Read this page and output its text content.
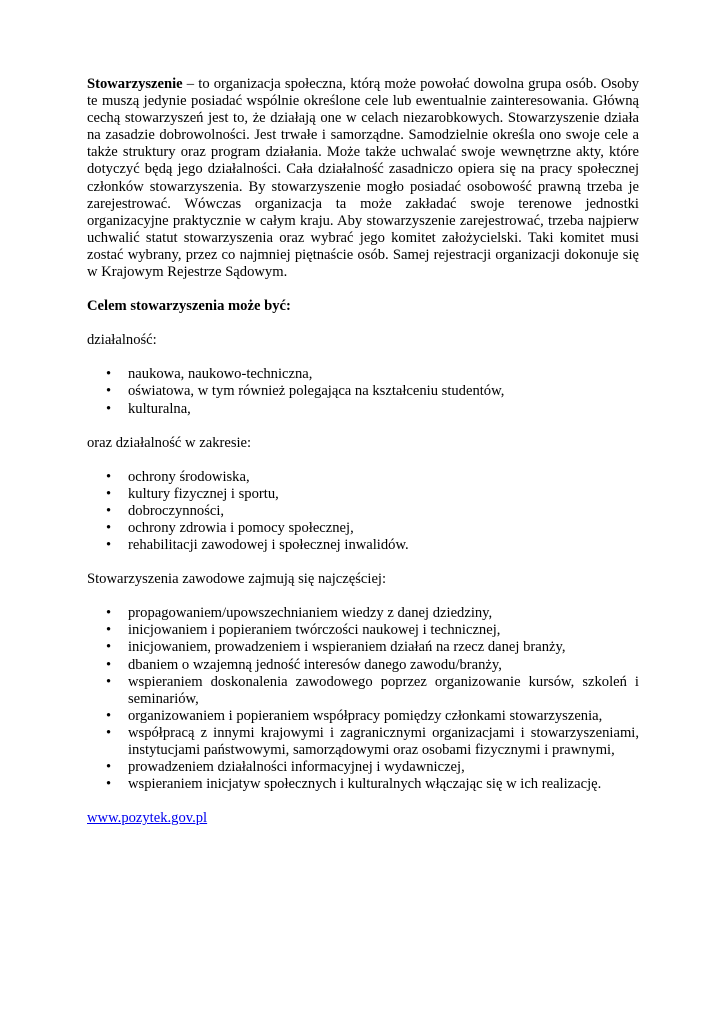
Stowarzyszenie – to organizacja społeczna, którą może powołać dowolna grupa osób. Osoby te muszą jedynie posiadać wspólnie określone cele lub ewentualnie zainteresowania. Główną cechą stowarzyszeń jest to, że działają one w celach niezarobkowych. Stowarzyszenie działa na zasadzie dobrowolności. Jest trwałe i samorządne. Samodzielnie określa ono swoje cele a także struktury oraz program działania. Może także uchwalać swoje wewnętrzne akty, które dotyczyć będą jego działalności. Cała działalność zasadniczo opiera się na pracy społecznej członków stowarzyszenia. By stowarzyszenie mogło posiadać osobowość prawną trzeba je zarejestrować. Wówczas organizacja ta może zakładać swoje terenowe jednostki organizacyjne praktycznie w całym kraju. Aby stowarzyszenie zarejestrować, trzeba najpierw uchwalić statut stowarzyszenia oraz wybrać jego komitet założycielski. Taki komitet musi zostać wybrany, przez co najmniej piętnaście osób. Samej rejestracji organizacji dokonuje się w Krajowym Rejestrze Sądowym.

Celem stowarzyszenia może być:

działalność:

• naukowa, naukowo-techniczna,
• oświatowa, w tym również polegająca na kształceniu studentów,
• kulturalna,

oraz działalność w zakresie:

• ochrony środowiska,
• kultury fizycznej i sportu,
• dobroczynności,
• ochrony zdrowia i pomocy społecznej,
• rehabilitacji zawodowej i społecznej inwalidów.

Stowarzyszenia zawodowe zajmują się najczęściej:

• propagowaniem/upowszechnianiem wiedzy z danej dziedziny,
• inicjowaniem i popieraniem twórczości naukowej i technicznej,
• inicjowaniem, prowadzeniem i wspieraniem działań na rzecz danej branży,
• dbaniem o wzajemną jedność interesów danego zawodu/branży,
• wspieraniem doskonalenia zawodowego poprzez organizowanie kursów, szkoleń i seminariów,
• organizowaniem i popieraniem współpracy pomiędzy członkami stowarzyszenia,
• współpracą z innymi krajowymi i zagranicznymi organizacjami i stowarzyszeniami, instytucjami państwowymi, samorządowymi oraz osobami fizycznymi i prawnymi,
• prowadzeniem działalności informacyjnej i wydawniczej,
• wspieraniem inicjatyw społecznych i kulturalnych włączając się w ich realizację.

www.pozytek.gov.pl
